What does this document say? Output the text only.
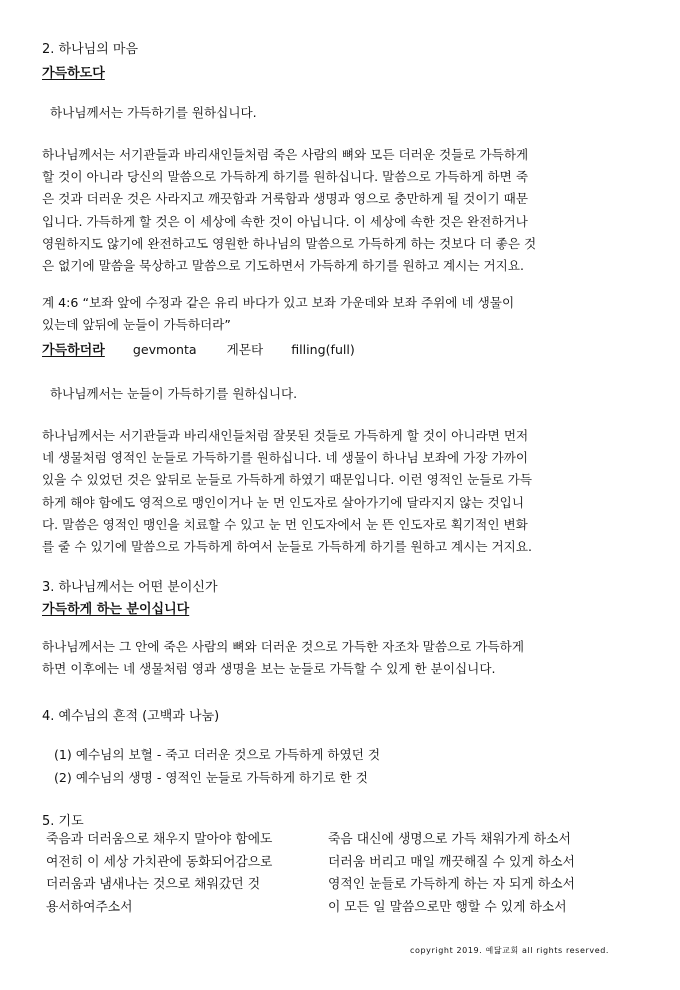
2. 하나님의 마음
가득하도다
하나님께서는 가득하기를 원하십니다.
하나님께서는 서기관들과 바리새인들처럼 죽은 사람의 뼈와 모든 더러운 것들로 가득하게
할 것이 아니라 당신의 말씀으로 가득하게 하기를 원하십니다. 말씀으로 가득하게 하면 죽
은 것과 더러운 것은 사라지고 깨끗함과 거룩함과 생명과 영으로 충만하게 될 것이기 때문
입니다. 가득하게 할 것은 이 세상에 속한 것이 아닙니다. 이 세상에 속한 것은 완전하거나
영원하지도 않기에 완전하고도 영원한 하나님의 말씀으로 가득하게 하는 것보다 더 좋은 것
은 없기에 말씀을 묵상하고 말씀으로 기도하면서 가득하게 하기를 원하고 계시는 거지요.
계 4:6 “보좌 앞에 수정과 같은 유리 바다가 있고 보좌 가운데와 보좌 주위에 네 생물이
있는데 앞뒤에 눈들이 가득하더라”
가득하더라 gevmonta 게몬타 filling(full)
하나님께서는 눈들이 가득하기를 원하십니다.
하나님께서는 서기관들과 바리새인들처럼 잘못된 것들로 가득하게 할 것이 아니라면 먼저
네 생물처럼 영적인 눈들로 가득하기를 원하십니다. 네 생물이 하나님 보좌에 가장 가까이
있을 수 있었던 것은 앞뒤로 눈들로 가득하게 하였기 때문입니다. 이런 영적인 눈들로 가득
하게 해야 함에도 영적으로 맹인이거나 눈 먼 인도자로 살아가기에 달라지지 않는 것입니
다. 말씀은 영적인 맹인을 치료할 수 있고 눈 먼 인도자에서 눈 뜬 인도자로 획기적인 변화
를 줄 수 있기에 말씀으로 가득하게 하여서 눈들로 가득하게 하기를 원하고 계시는 거지요.
3. 하나님께서는 어떤 분이신가
가득하게 하는 분이십니다
하나님께서는 그 안에 죽은 사람의 뼈와 더러운 것으로 가득한 자조차 말씀으로 가득하게
하면 이후에는 네 생물처럼 영과 생명을 보는 눈들로 가득할 수 있게 한 분이십니다.
4. 예수님의 흔적 (고백과 나눔)
(1) 예수님의 보혈 - 죽고 더러운 것으로 가득하게 하였던 것
(2) 예수님의 생명 - 영적인 눈들로 가득하게 하기로 한 것
5. 기도
죽음과 더러움으로 채우지 말아야 함에도
여전히 이 세상 가치관에 동화되어감으로
더러움과 냄새나는 것으로 채워갔던 것
용서하여주소서
죽음 대신에 생명으로 가득 채워가게 하소서
더러움 버리고 매일 깨끗해질 수 있게 하소서
영적인 눈들로 가득하게 하는 자 되게 하소서
이 모든 일 말씀으로만 행할 수 있게 하소서
copyright 2019. 예닮교회 all rights reserved.
